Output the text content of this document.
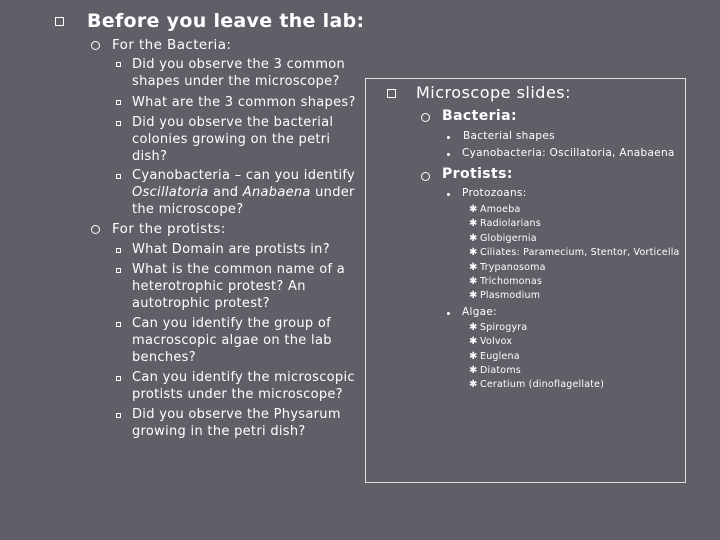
Before you leave the lab:
For the Bacteria:
Did you observe the 3 common
shapes under the microscope?
What are the 3 common shapes?
Did you observe the bacterial
colonies growing on the petri
dish?
Cyanobacteria – can you identify
Oscillatoria and Anabaena under
the microscope?
For the protists:
What Domain are protists in?
What is the common name of a
heterotrophic protest? An
autotrophic protest?
Can you identify the group of
macroscopic algae on the lab
benches?
Can you identify the microscopic
protists under the microscope?
Did you observe the Physarum
growing in the petri dish?
Microscope slides:
Bacteria:
Bacterial shapes
Cyanobacteria: Oscillatoria, Anabaena
Protists:
Protozoans:
✱ Amoeba
✱ Radiolarians
✱ Globigernia
✱ Ciliates: Paramecium, Stentor, Vorticella
✱ Trypanosoma
✱ Trichomonas
✱ Plasmodium
Algae:
✱ Spirogyra
✱ Volvox
✱ Euglena
✱ Diatoms
✱ Ceratium (dinoflagellate)
